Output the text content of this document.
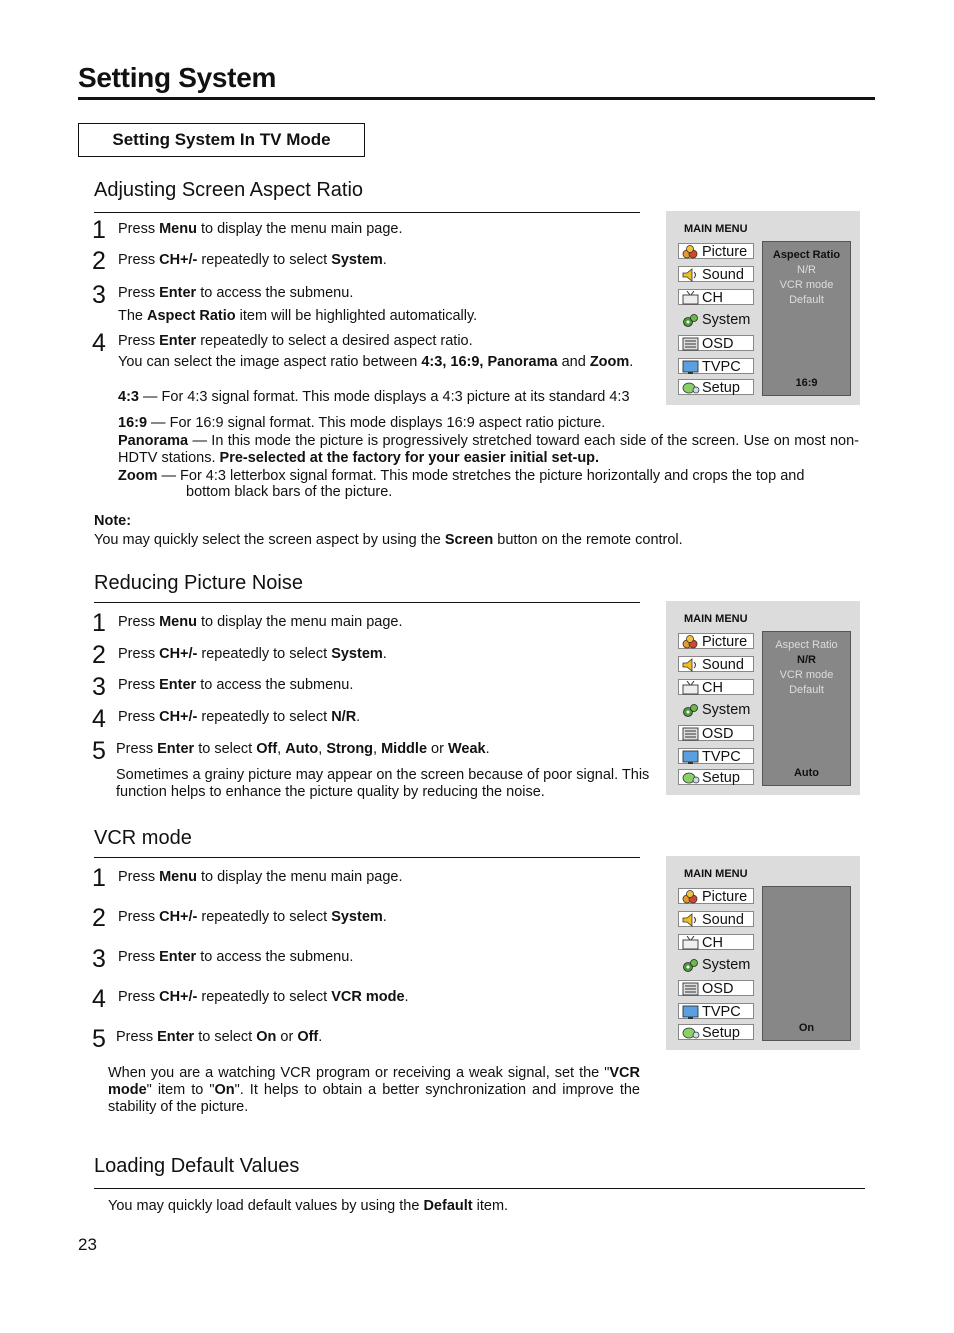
Setting System
Setting System In TV Mode
Adjusting Screen Aspect Ratio
1 Press Menu to display the menu main page.
2 Press CH+/- repeatedly to select System.
3 Press Enter to access the submenu.
The Aspect Ratio item will be highlighted automatically.
4 Press Enter repeatedly to select a desired aspect ratio.
You can select the image aspect ratio between 4:3, 16:9, Panorama and Zoom.
4:3 — For 4:3 signal format. This mode displays a 4:3 picture at its standard 4:3
16:9 — For 16:9 signal format. This mode displays 16:9 aspect ratio picture.
Panorama — In this mode the picture is progressively stretched toward each side of the screen. Use on most non-HDTV stations. Pre-selected at the factory for your easier initial set-up.
Zoom — For 4:3 letterbox signal format. This mode stretches the picture horizontally and crops the top and
bottom black bars of the picture.
Note:
You may quickly select the screen aspect by using the Screen button on the remote control.
MAIN MENU
Picture
Sound
CH
System
OSD
TVPC
Setup
Aspect Ratio
N/R
VCR mode
Default
16:9
Reducing Picture Noise
1 Press Menu to display the menu main page.
2 Press CH+/- repeatedly to select System.
3 Press Enter to access the submenu.
4 Press CH+/- repeatedly to select N/R.
5 Press Enter to select Off, Auto, Strong, Middle or Weak.
Sometimes a grainy picture may appear on the screen because of poor signal. This function helps to enhance the picture quality by reducing the noise.
MAIN MENU
Picture
Sound
CH
System
OSD
TVPC
Setup
Aspect Ratio
N/R
VCR mode
Default
Auto
VCR mode
1 Press Menu to display the menu main page.
2 Press CH+/- repeatedly to select System.
3 Press Enter to access the submenu.
4 Press CH+/- repeatedly to select VCR mode.
5 Press Enter to select On or Off.
When you are a watching VCR program or receiving a weak signal, set the "VCR mode" item to "On". It helps to obtain a better synchronization and improve the stability of the picture.
MAIN MENU
Picture
Sound
CH
System
OSD
TVPC
Setup	On
Loading Default Values
You may quickly load default values by using the Default item.
23
